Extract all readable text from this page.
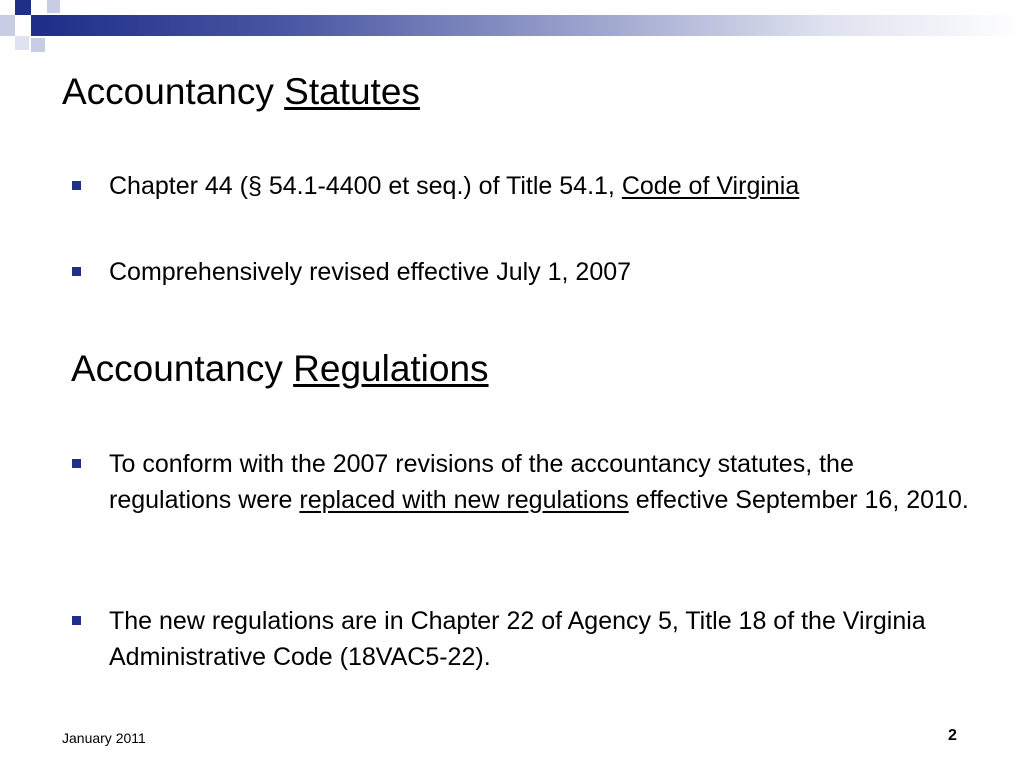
Accountancy Statutes
Chapter 44 (§ 54.1-4400 et seq.) of Title 54.1, Code of Virginia
Comprehensively revised effective July 1, 2007
Accountancy Regulations
To conform with the 2007 revisions of the accountancy statutes, the regulations were replaced with new regulations effective September 16, 2010.
The new regulations are in Chapter 22 of Agency 5, Title 18 of the Virginia Administrative Code (18VAC5-22).
January 2011	2
